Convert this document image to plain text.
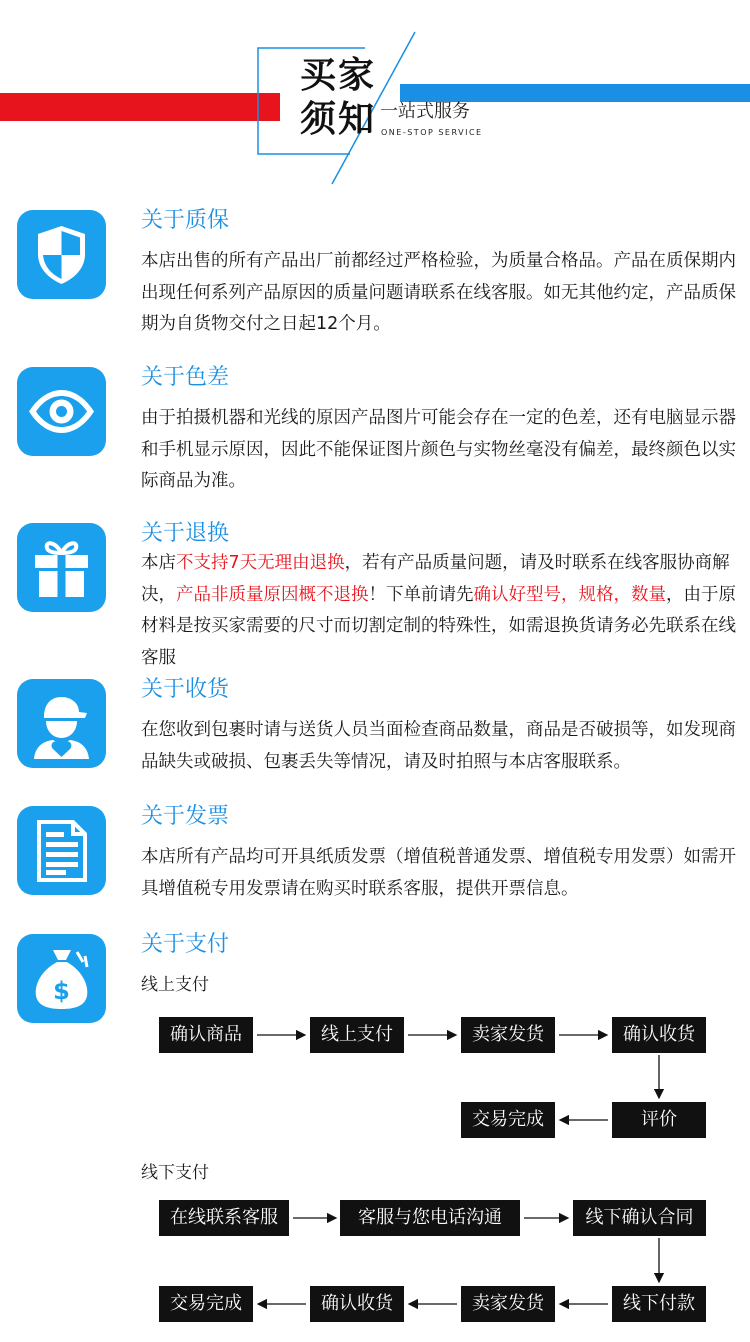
买家
须知 一站式服务
ONE-STOP SERVICE
关于质保
本店出售的所有产品出厂前都经过严格检验，为质量合格品。产品在质保期内出现任何系列产品原因的质量问题请联系在线客服。如无其他约定，产品质保期为自货物交付之日起12个月。
关于色差
由于拍摄机器和光线的原因产品图片可能会存在一定的色差，还有电脑显示器和手机显示原因，因此不能保证图片颜色与实物丝毫没有偏差，最终颜色以实际商品为准。
关于退换
本店不支持7天无理由退换，若有产品质量问题，请及时联系在线客服协商解决，产品非质量原因概不退换！下单前请先确认好型号，规格，数量，由于原材料是按买家需要的尺寸而切割定制的特殊性，如需退换货请务必先联系在线客服
关于收货
在您收到包裹时请与送货人员当面检查商品数量，商品是否破损等，如发现商品缺失或破损、包裹丢失等情况，请及时拍照与本店客服联系。
关于发票
本店所有产品均可开具纸质发票（增值税普通发票、增值税专用发票）如需开具增值税专用发票请在购买时联系客服，提供开票信息。
$
关于支付
线上支付
确认商品	线上支付	卖家发货	确认收货
评价
交易完成
线下支付
在线联系客服	客服与您电话沟通	线下确认合同
线下付款
卖家发货
确认收货
交易完成
